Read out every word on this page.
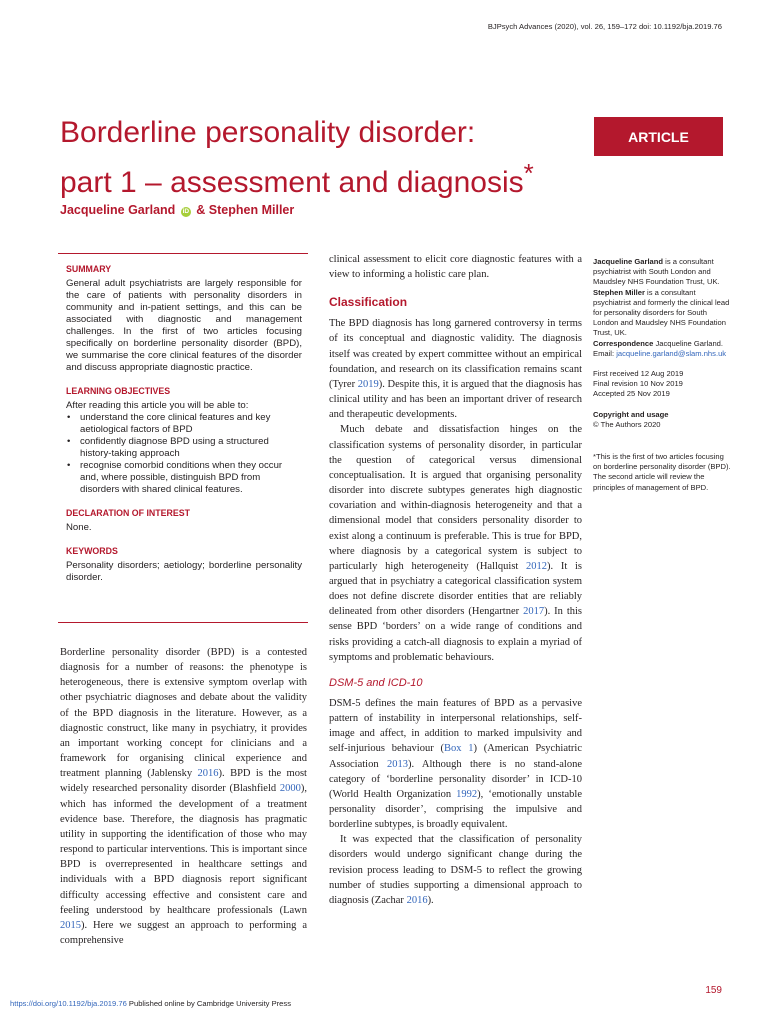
BJPsych Advances (2020), vol. 26, 159–172 doi: 10.1192/bja.2019.76
ARTICLE
Borderline personality disorder:
part 1 – assessment and diagnosis*
Jacqueline Garland iD & Stephen Miller

SUMMARY

General adult psychiatrists are largely responsible for the care of patients with personality disorders in community and in-patient settings, and this can be associated with diagnostic and management challenges. In the first of two articles focusing specifically on borderline personality disorder (BPD), we summarise the core clinical features of the disorder and discuss appropriate diagnostic practice.

LEARNING OBJECTIVES

After reading this article you will be able to:

• understand the core clinical features and key aetiological factors of BPD
• confidently diagnose BPD using a structured history-taking approach
• recognise comorbid conditions when they occur and, where possible, distinguish BPD from disorders with shared clinical features.

DECLARATION OF INTEREST

None.

KEYWORDS

Personality disorders; aetiology; borderline personality disorder.

Borderline personality disorder (BPD) is a contested diagnosis for a number of reasons: the phenotype is heterogeneous, there is extensive symptom overlap with other psychiatric diagnoses and debate about the validity of the BPD diagnosis in the literature. However, as a diagnostic construct, like many in psychiatry, it provides an important working concept for clinicians and a framework for organising clinical experience and treatment planning (Jablensky 2016). BPD is the most widely researched personality disorder (Blashfield 2000), which has informed the development of a treatment evidence base. Therefore, the diagnosis has pragmatic utility in supporting the identification of those who may respond to particular interventions. This is important since BPD is overrepresented in healthcare settings and individuals with a BPD diagnosis report significant difficulty accessing effective and consistent care and feeling understood by healthcare professionals (Lawn 2015). Here we suggest an approach to performing a comprehensive

clinical assessment to elicit core diagnostic features with a view to informing a holistic care plan.

Classification

The BPD diagnosis has long garnered controversy in terms of its conceptual and diagnostic validity. The diagnosis itself was created by expert committee without an empirical foundation, and research on its classification remains scant (Tyrer 2019). Despite this, it is argued that the diagnosis has clinical utility and has been an important driver of research and therapeutic developments.

Much debate and dissatisfaction hinges on the classification systems of personality disorder, in particular the question of categorical versus dimensional conceptualisation. It is argued that organising personality disorder into discrete subtypes generates high diagnostic covariation and within-diagnosis heterogeneity and that a dimensional model that considers personality disorder to exist along a continuum is preferable. This is true for BPD, where diagnosis by a categorical system is subject to particularly high heterogeneity (Hallquist 2012). It is argued that in psychiatry a categorical classification system does not define discrete disorder entities that are reliably delineated from other disorders (Hengartner 2017). In this sense BPD ‘borders’ on a wide range of conditions and risks providing a catch-all diagnosis to explain a myriad of symptoms and problematic behaviours.

DSM-5 and ICD-10

DSM-5 defines the main features of BPD as a pervasive pattern of instability in interpersonal relationships, self-image and affect, in addition to marked impulsivity and self-injurious behaviour (Box 1) (American Psychiatric Association 2013). Although there is no stand-alone category of ‘borderline personality disorder’ in ICD-10 (World Health Organization 1992), ‘emotionally unstable personality disorder’, comprising the impulsive and borderline subtypes, is broadly equivalent.

It was expected that the classification of personality disorders would undergo significant change during the revision process leading to DSM-5 to reflect the growing number of studies supporting a dimensional approach to diagnosis (Zachar 2016).

Jacqueline Garland is a consultant psychiatrist with South London and Maudsley NHS Foundation Trust, UK.

Stephen Miller is a consultant psychiatrist and formerly the clinical lead for personality disorders for South London and Maudsley NHS Foundation Trust, UK.

Correspondence Jacqueline Garland.

Email: jacqueline.garland@slam.nhs.uk

First received 12 Aug 2019

Final revision 10 Nov 2019

Accepted 25 Nov 2019

Copyright and usage

© The Authors 2020

*This is the first of two articles focusing on borderline personality disorder (BPD). The second article will review the principles of management of BPD.

159
https://doi.org/10.1192/bja.2019.76 Published online by Cambridge University Press
